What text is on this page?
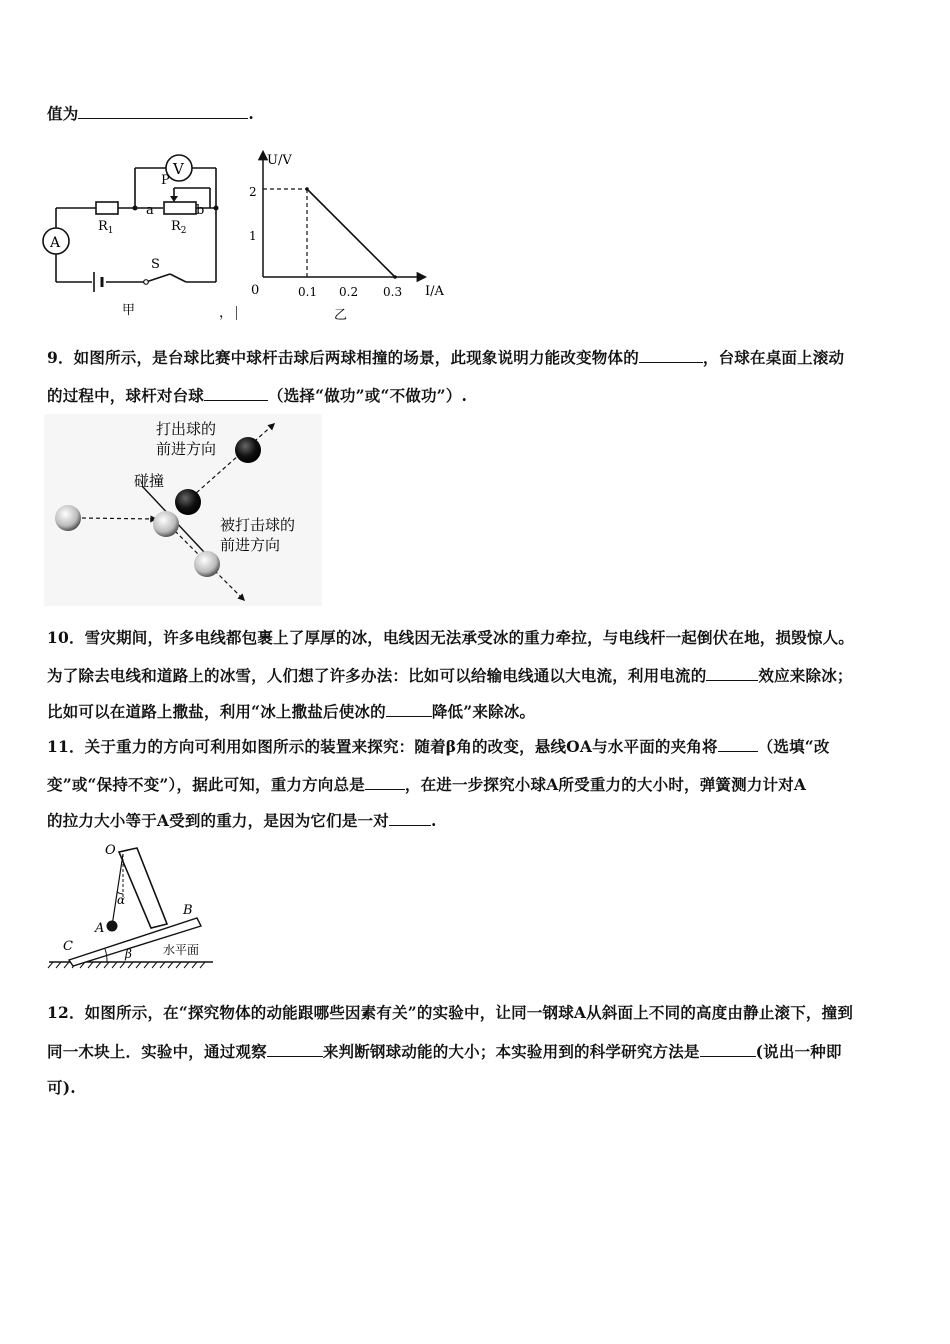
值为	.
V
A
P
a	b
$R_1$	$R_2$
S
甲	，
U/V
I/A
0
1
2
0.1 0.2 0.3
乙
9．如图所示，是台球比赛中球杆击球后两球相撞的场景，此现象说明力能改变物体的	，台球在桌面上滚动
的过程中，球杆对台球	（选择“做功”或“不做功”）.
打出球的
前进方向
碰撞
被打击球的
前进方向
10．雪灾期间，许多电线都包裹上了厚厚的冰，电线因无法承受冰的重力牵拉，与电线杆一起倒伏在地，损毁惊人。
为了除去电线和道路上的冰雪，人们想了许多办法：比如可以给输电线通以大电流，利用电流的	效应来除冰；
比如可以在道路上撒盐，利用“冰上撒盐后使冰的	降低”来除冰。
11．关于重力的方向可利用如图所示的装置来探究：随着β角的改变，悬线OA与水平面的夹角将	（选填“改
变”或“保持不变”），据此可知，重力方向总是	，在进一步探究小球A所受重力的大小时，弹簧测力计对A
的拉力大小等于A受到的重力，是因为它们是一对	.
O
α
A
B
C	β	水平面
12．如图所示，在“探究物体的动能跟哪些因素有关”的实验中，让同一钢球A从斜面上不同的高度由静止滚下，撞到
同一木块上．实验中，通过观察	来判断钢球动能的大小；本实验用到的科学研究方法是	(说出一种即
可).
